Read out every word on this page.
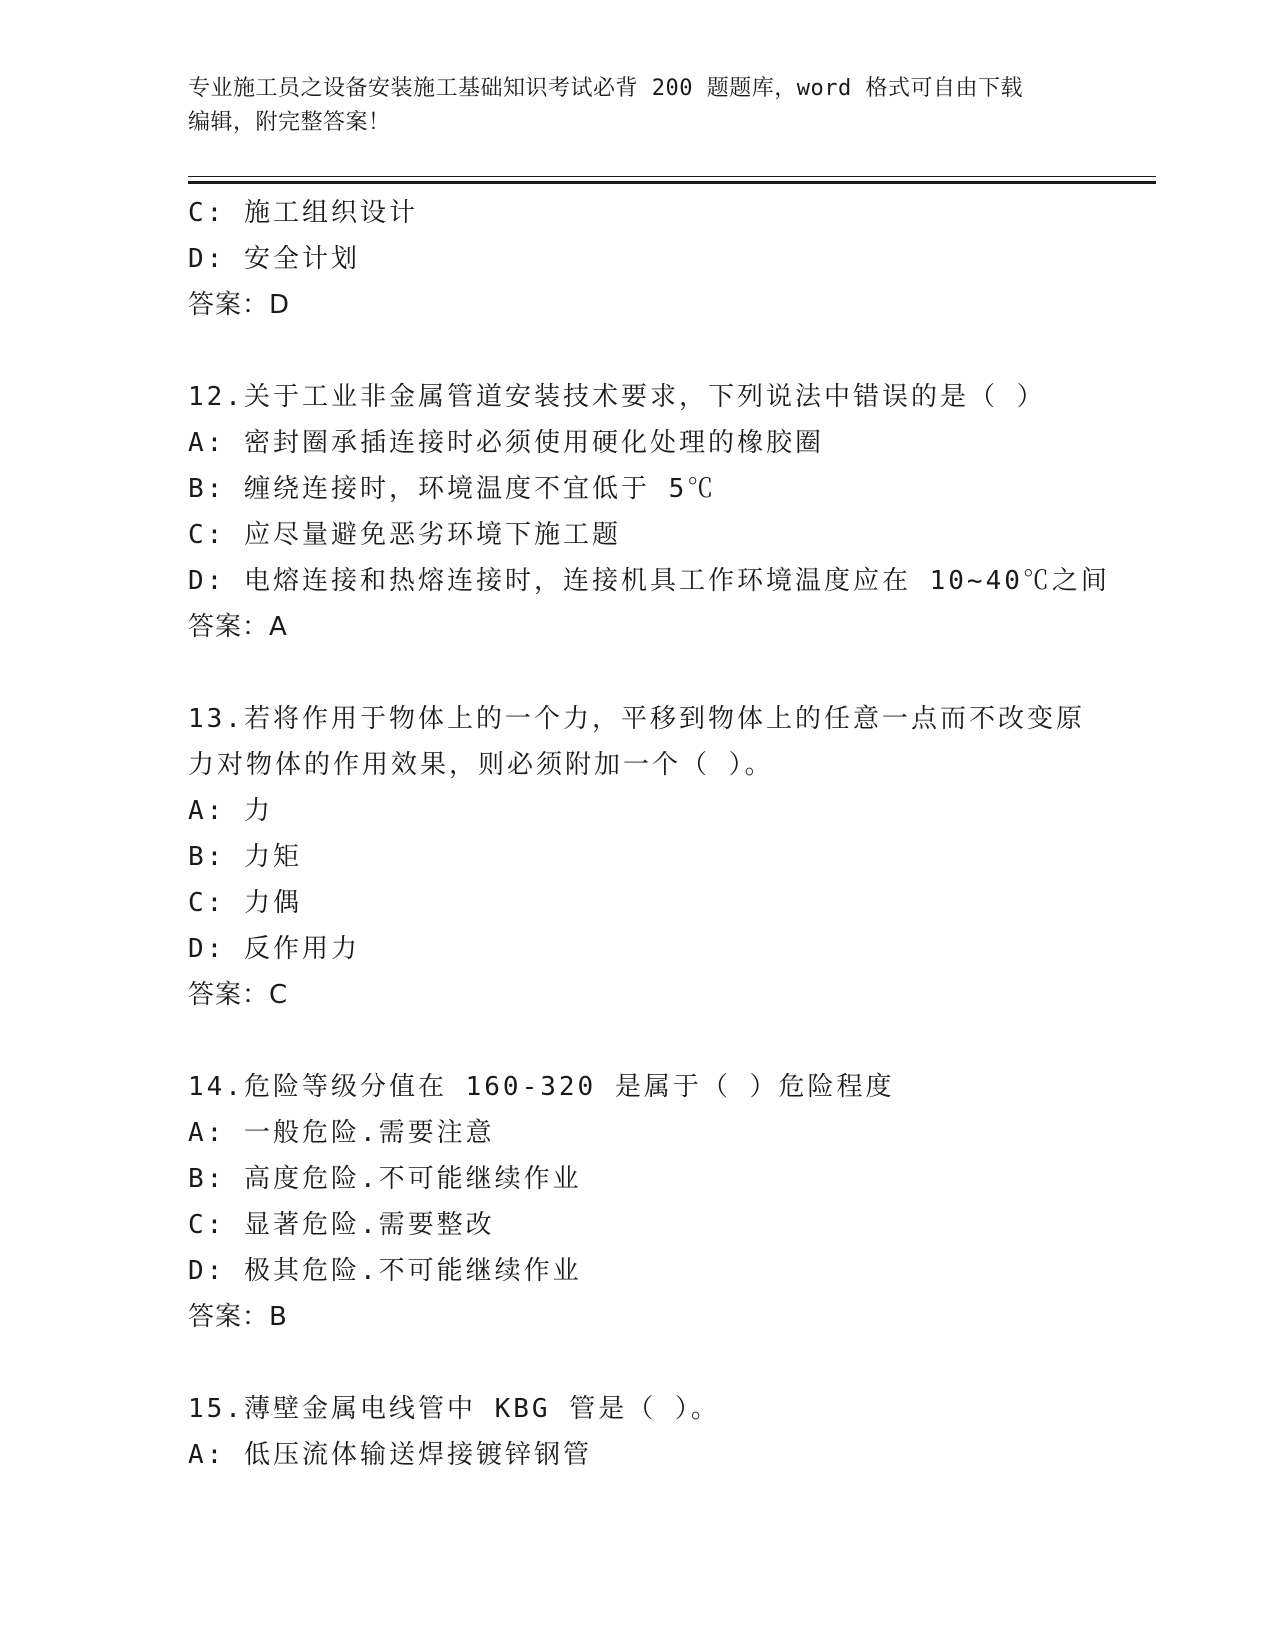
专业施工员之设备安装施工基础知识考试必背 200 题题库，word 格式可自由下载
编辑，附完整答案！
C: 施工组织设计
D: 安全计划
答案：D
12.关于工业非金属管道安装技术要求，下列说法中错误的是（ ）
A: 密封圈承插连接时必须使用硬化处理的橡胶圈
B: 缠绕连接时，环境温度不宜低于 5℃
C: 应尽量避免恶劣环境下施工题
D: 电熔连接和热熔连接时，连接机具工作环境温度应在 10~40℃之间
答案：A
13.若将作用于物体上的一个力，平移到物体上的任意一点而不改变原
力对物体的作用效果，则必须附加一个（ ）。
A: 力
B: 力矩
C: 力偶
D: 反作用力
答案：C
14.危险等级分值在 160-320 是属于（ ）危险程度
A: 一般危险.需要注意
B: 高度危险.不可能继续作业
C: 显著危险.需要整改
D: 极其危险.不可能继续作业
答案：B
15.薄壁金属电线管中 KBG 管是（ ）。
A: 低压流体输送焊接镀锌钢管
